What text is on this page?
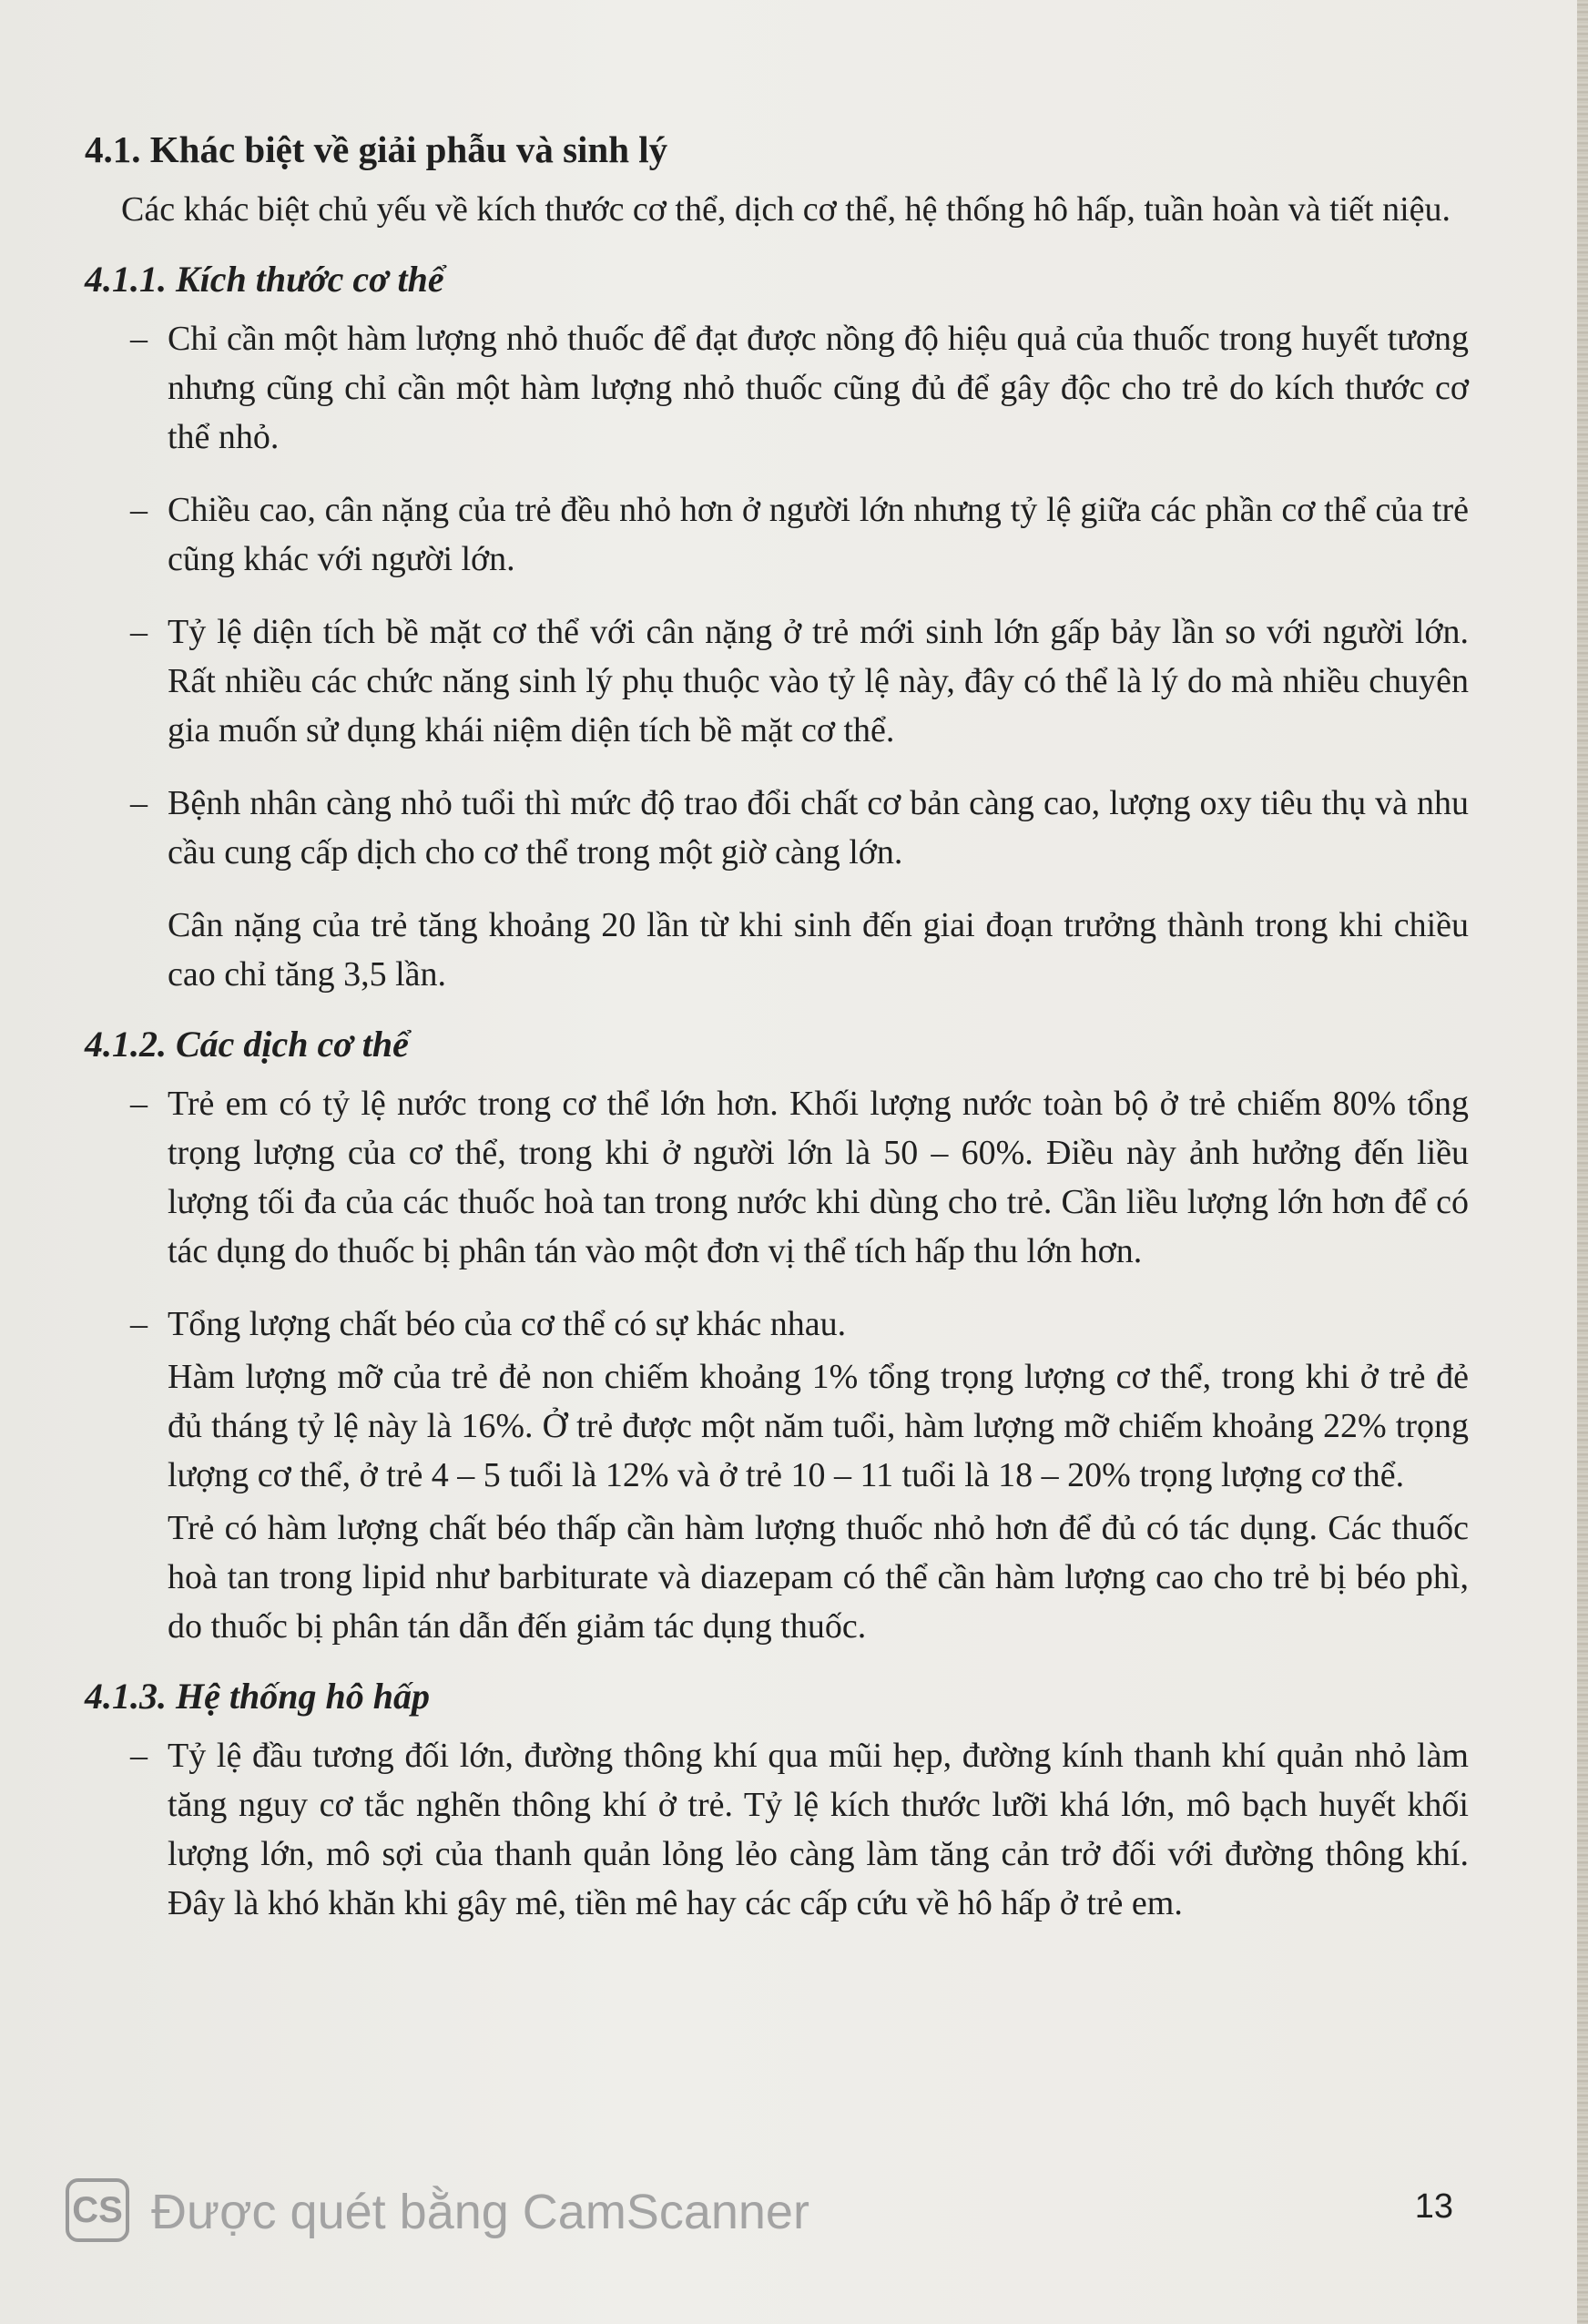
4.1. Khác biệt về giải phẫu và sinh lý

Các khác biệt chủ yếu về kích thước cơ thể, dịch cơ thể, hệ thống hô hấp, tuần hoàn và tiết niệu.

4.1.1. Kích thước cơ thể
– Chỉ cần một hàm lượng nhỏ thuốc để đạt được nồng độ hiệu quả của thuốc trong huyết tương nhưng cũng chỉ cần một hàm lượng nhỏ thuốc cũng đủ để gây độc cho trẻ do kích thước cơ thể nhỏ.

– Chiều cao, cân nặng của trẻ đều nhỏ hơn ở người lớn nhưng tỷ lệ giữa các phần cơ thể của trẻ cũng khác với người lớn.

– Tỷ lệ diện tích bề mặt cơ thể với cân nặng ở trẻ mới sinh lớn gấp bảy lần so với người lớn. Rất nhiều các chức năng sinh lý phụ thuộc vào tỷ lệ này, đây có thể là lý do mà nhiều chuyên gia muốn sử dụng khái niệm diện tích bề mặt cơ thể.

– Bệnh nhân càng nhỏ tuổi thì mức độ trao đổi chất cơ bản càng cao, lượng oxy tiêu thụ và nhu cầu cung cấp dịch cho cơ thể trong một giờ càng lớn.

Cân nặng của trẻ tăng khoảng 20 lần từ khi sinh đến giai đoạn trưởng thành trong khi chiều cao chỉ tăng 3,5 lần.

4.1.2. Các dịch cơ thể
– Trẻ em có tỷ lệ nước trong cơ thể lớn hơn. Khối lượng nước toàn bộ ở trẻ chiếm 80% tổng trọng lượng của cơ thể, trong khi ở người lớn là 50 – 60%. Điều này ảnh hưởng đến liều lượng tối đa của các thuốc hoà tan trong nước khi dùng cho trẻ. Cần liều lượng lớn hơn để có tác dụng do thuốc bị phân tán vào một đơn vị thể tích hấp thu lớn hơn.

– Tổng lượng chất béo của cơ thể có sự khác nhau.

Hàm lượng mỡ của trẻ đẻ non chiếm khoảng 1% tổng trọng lượng cơ thể, trong khi ở trẻ đẻ đủ tháng tỷ lệ này là 16%. Ở trẻ được một năm tuổi, hàm lượng mỡ chiếm khoảng 22% trọng lượng cơ thể, ở trẻ 4 – 5 tuổi là 12% và ở trẻ 10 – 11 tuổi là 18 – 20% trọng lượng cơ thể.

Trẻ có hàm lượng chất béo thấp cần hàm lượng thuốc nhỏ hơn để đủ có tác dụng. Các thuốc hoà tan trong lipid như barbiturate và diazepam có thể cần hàm lượng cao cho trẻ bị béo phì, do thuốc bị phân tán dẫn đến giảm tác dụng thuốc.

4.1.3. Hệ thống hô hấp
– Tỷ lệ đầu tương đối lớn, đường thông khí qua mũi hẹp, đường kính thanh khí quản nhỏ làm tăng nguy cơ tắc nghẽn thông khí ở trẻ. Tỷ lệ kích thước lưỡi khá lớn, mô bạch huyết khối lượng lớn, mô sợi của thanh quản lỏng lẻo càng làm tăng cản trở đối với đường thông khí. Đây là khó khăn khi gây mê, tiền mê hay các cấp cứu về hô hấp ở trẻ em.

CS Được quét bằng CamScanner	13
